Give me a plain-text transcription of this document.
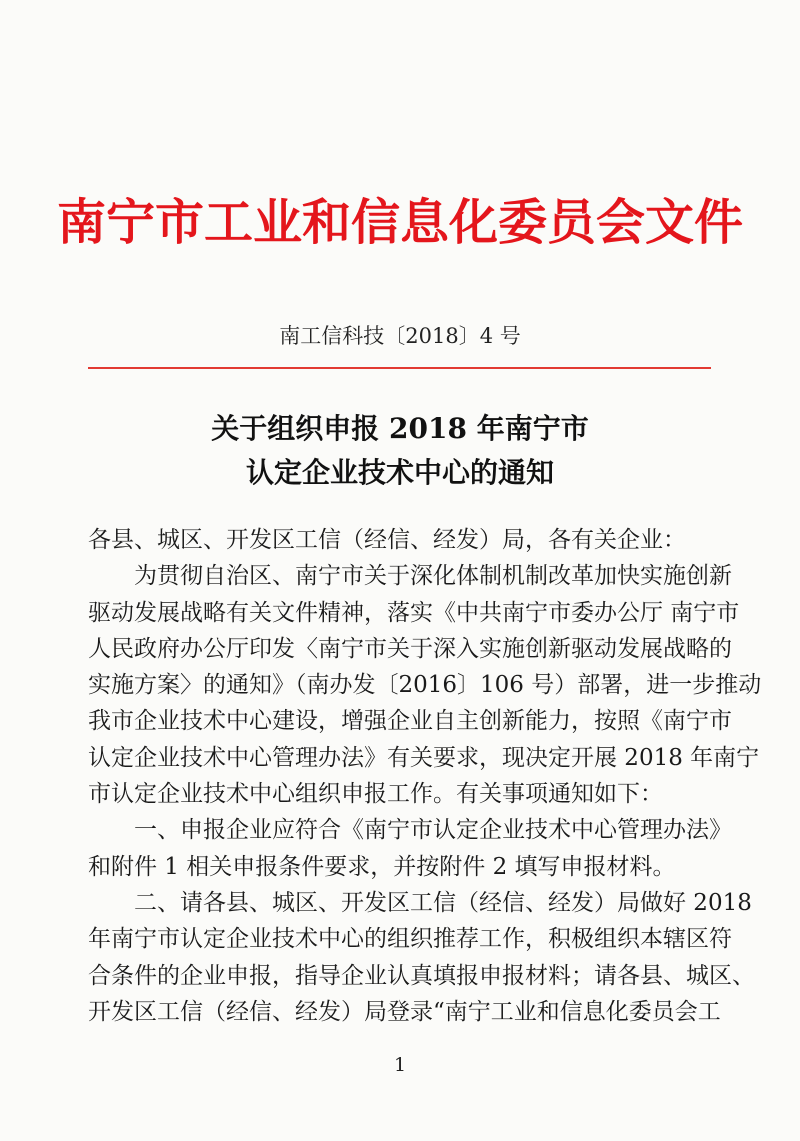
南宁市工业和信息化委员会文件
南工信科技〔2018〕4 号
关于组织申报 2018 年南宁市
认定企业技术中心的通知
各县、城区、开发区工信（经信、经发）局，各有关企业：
为贯彻自治区、南宁市关于深化体制机制改革加快实施创新
驱动发展战略有关文件精神，落实《中共南宁市委办公厅 南宁市
人民政府办公厅印发〈南宁市关于深入实施创新驱动发展战略的
实施方案〉的通知》（南办发〔2016〕106 号）部署，进一步推动
我市企业技术中心建设，增强企业自主创新能力，按照《南宁市
认定企业技术中心管理办法》有关要求，现决定开展 2018 年南宁
市认定企业技术中心组织申报工作。有关事项通知如下：
一、申报企业应符合《南宁市认定企业技术中心管理办法》
和附件 1 相关申报条件要求，并按附件 2 填写申报材料。
二、请各县、城区、开发区工信（经信、经发）局做好 2018
年南宁市认定企业技术中心的组织推荐工作，积极组织本辖区符
合条件的企业申报，指导企业认真填报申报材料；请各县、城区、
开发区工信（经信、经发）局登录“南宁工业和信息化委员会工
1
